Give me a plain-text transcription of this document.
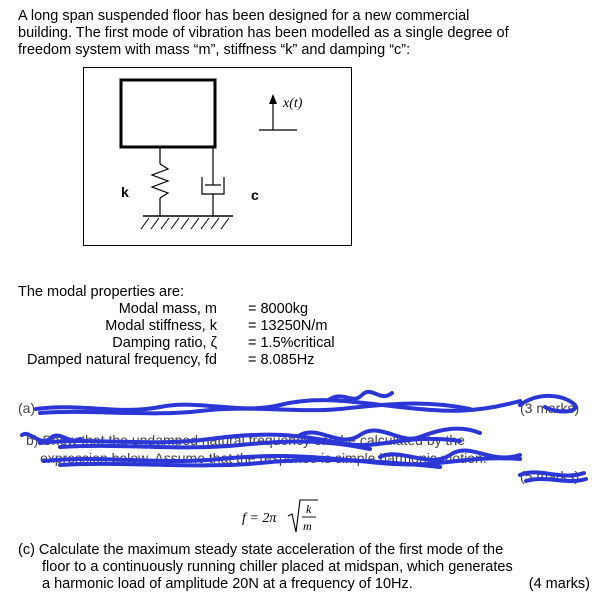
A long span suspended floor has been designed for a new commercial
building. The first mode of vibration has been modelled as a single degree of
freedom system with mass “m”, stiffness “k” and damping “c”:
x(t)
k	c
The modal properties are:
Modal mass, m = 8000kg
Modal stiffness, k = 13250N/m
Damping ratio, ζ = 1.5%critical
Damped natural frequency, fd = 8.085Hz
(a)	(3 marks)
b) Show that the undamped natural frequency can be calculated by the
expression below. Assume that the response is simple harmonic motion.
(5 marks)
f = 2π
k
m
(c) Calculate the maximum steady state acceleration of the first mode of the
floor to a continuously running chiller placed at midspan, which generates
a harmonic load of amplitude 20N at a frequency of 10Hz.	(4 marks)
